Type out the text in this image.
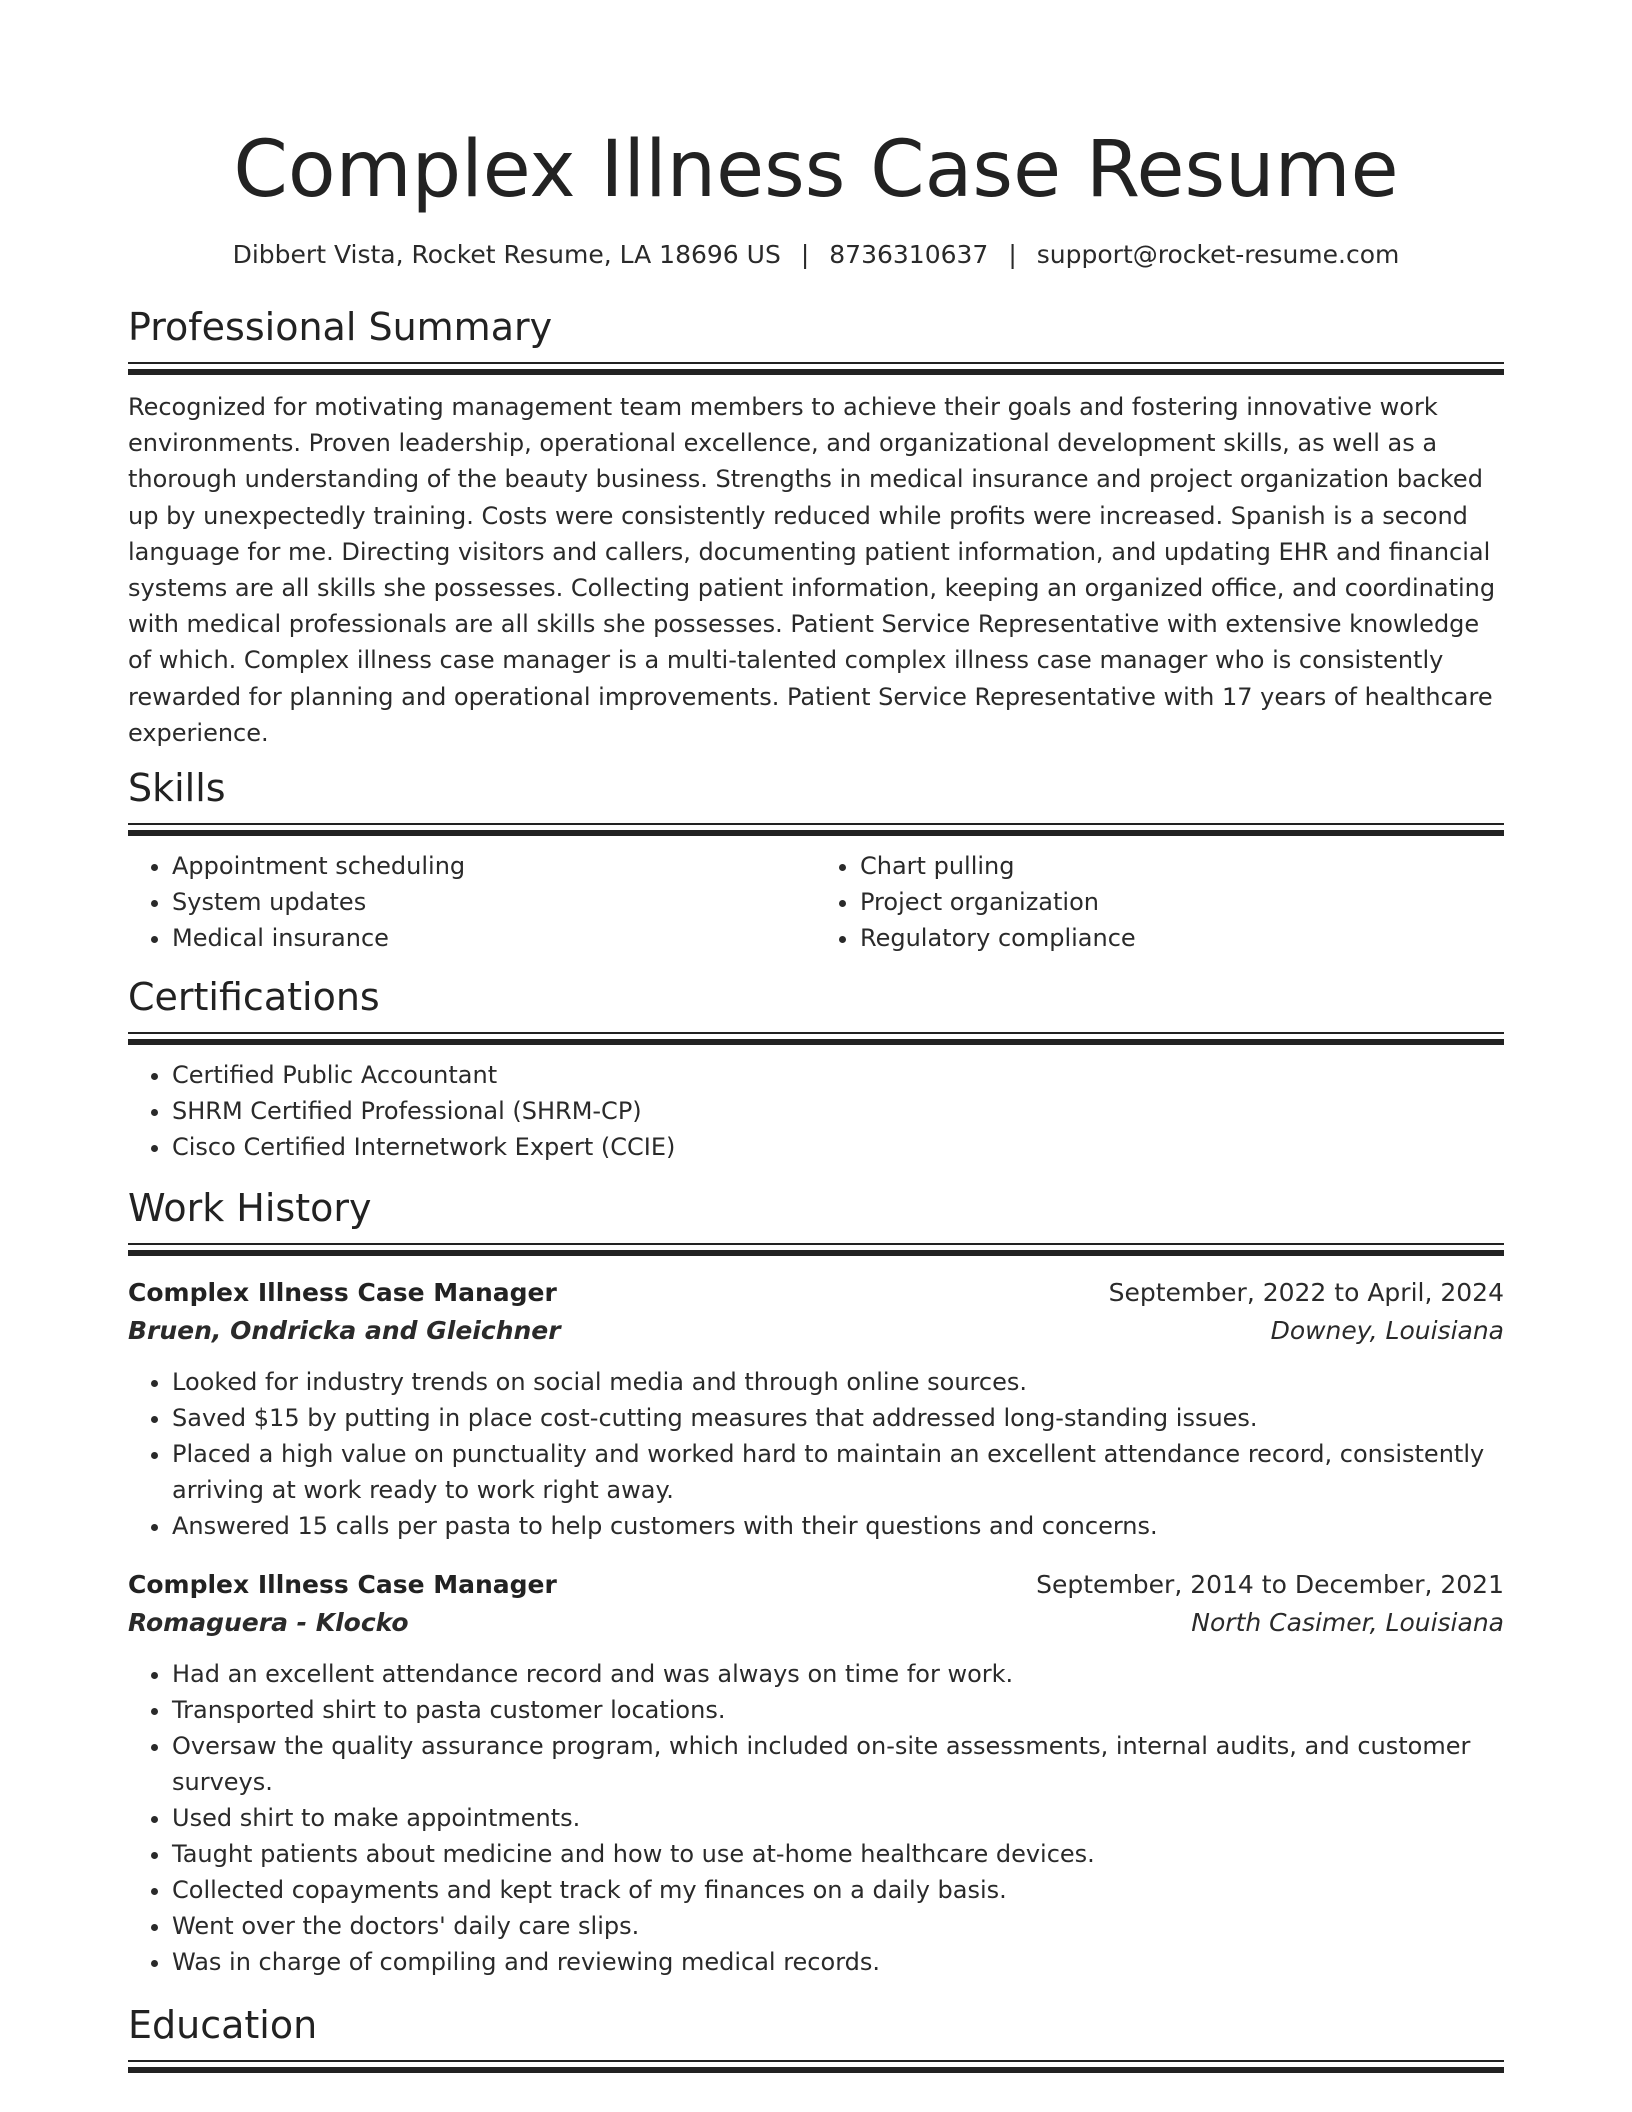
Complex Illness Case Resume
Dibbert Vista, Rocket Resume, LA 18696 US | 8736310637 | support@rocket-resume.com
Professional Summary

Recognized for motivating management team members to achieve their goals and fostering innovative work environments. Proven leadership, operational excellence, and organizational development skills, as well as a thorough understanding of the beauty business. Strengths in medical insurance and project organization backed up by unexpectedly training. Costs were consistently reduced while profits were increased. Spanish is a second language for me. Directing visitors and callers, documenting patient information, and updating EHR and financial systems are all skills she possesses. Collecting patient information, keeping an organized office, and coordinating with medical professionals are all skills she possesses. Patient Service Representative with extensive knowledge of which. Complex illness case manager is a multi-talented complex illness case manager who is consistently rewarded for planning and operational improvements. Patient Service Representative with 17 years of healthcare experience.

Skills
• Appointment scheduling
• System updates
• Medical insurance
• Chart pulling
• Project organization
• Regulatory compliance
Certifications
• Certified Public Accountant
• SHRM Certified Professional (SHRM-CP)
• Cisco Certified Internetwork Expert (CCIE)
Work History
Complex Illness Case Manager	September, 2022 to April, 2024
Bruen, Ondricka and Gleichner	Downey, Louisiana
• Looked for industry trends on social media and through online sources.
• Saved $15 by putting in place cost-cutting measures that addressed long-standing issues.
• Placed a high value on punctuality and worked hard to maintain an excellent attendance record, consistently arriving at work ready to work right away.
• Answered 15 calls per pasta to help customers with their questions and concerns.
Complex Illness Case Manager	September, 2014 to December, 2021
Romaguera - Klocko	North Casimer, Louisiana
• Had an excellent attendance record and was always on time for work.
• Transported shirt to pasta customer locations.
• Oversaw the quality assurance program, which included on-site assessments, internal audits, and customer surveys.
• Used shirt to make appointments.
• Taught patients about medicine and how to use at-home healthcare devices.
• Collected copayments and kept track of my finances on a daily basis.
• Went over the doctors' daily care slips.
• Was in charge of compiling and reviewing medical records.
Education
